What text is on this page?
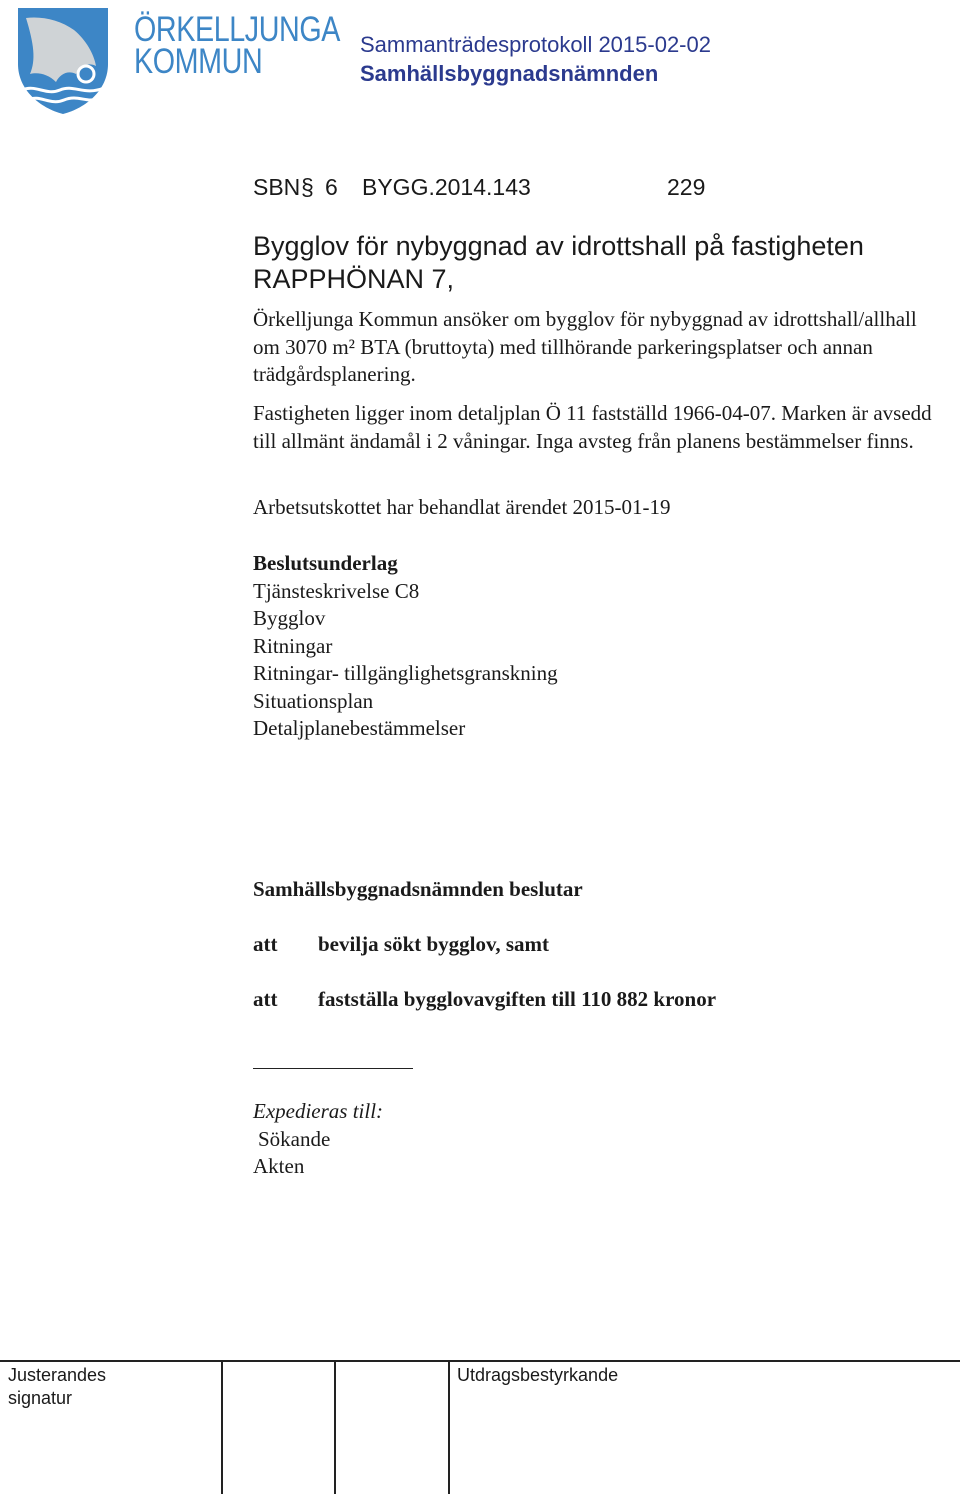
ÖRKELLJUNGA
KOMMUN	Sammanträdesprotokoll 2015-02-02
Samhällsbyggnadsnämnden
SBN § 6 BYGG.2014.143	229
Bygglov för nybyggnad av idrottshall på fastigheten RAPPHÖNAN 7,
Örkelljunga Kommun ansöker om bygglov för nybyggnad av idrottshall/allhall om 3070 m² BTA (bruttoyta) med tillhörande parkeringsplatser och annan trädgårdsplanering.
Fastigheten ligger inom detaljplan Ö 11 fastställd 1966-04-07. Marken är avsedd till allmänt ändamål i 2 våningar. Inga avsteg från planens bestämmelser finns.
Arbetsutskottet har behandlat ärendet 2015-01-19
Beslutsunderlag
Tjänsteskrivelse C8
Bygglov
Ritningar
Ritningar- tillgänglighetsgranskning
Situationsplan
Detaljplanebestämmelser
Samhällsbyggnadsnämnden beslutar
att bevilja sökt bygglov, samt
att fastställa bygglovavgiften till 110 882 kronor
Expedieras till:
Sökande
Akten
Justerandes
signatur
Utdragsbestyrkande
